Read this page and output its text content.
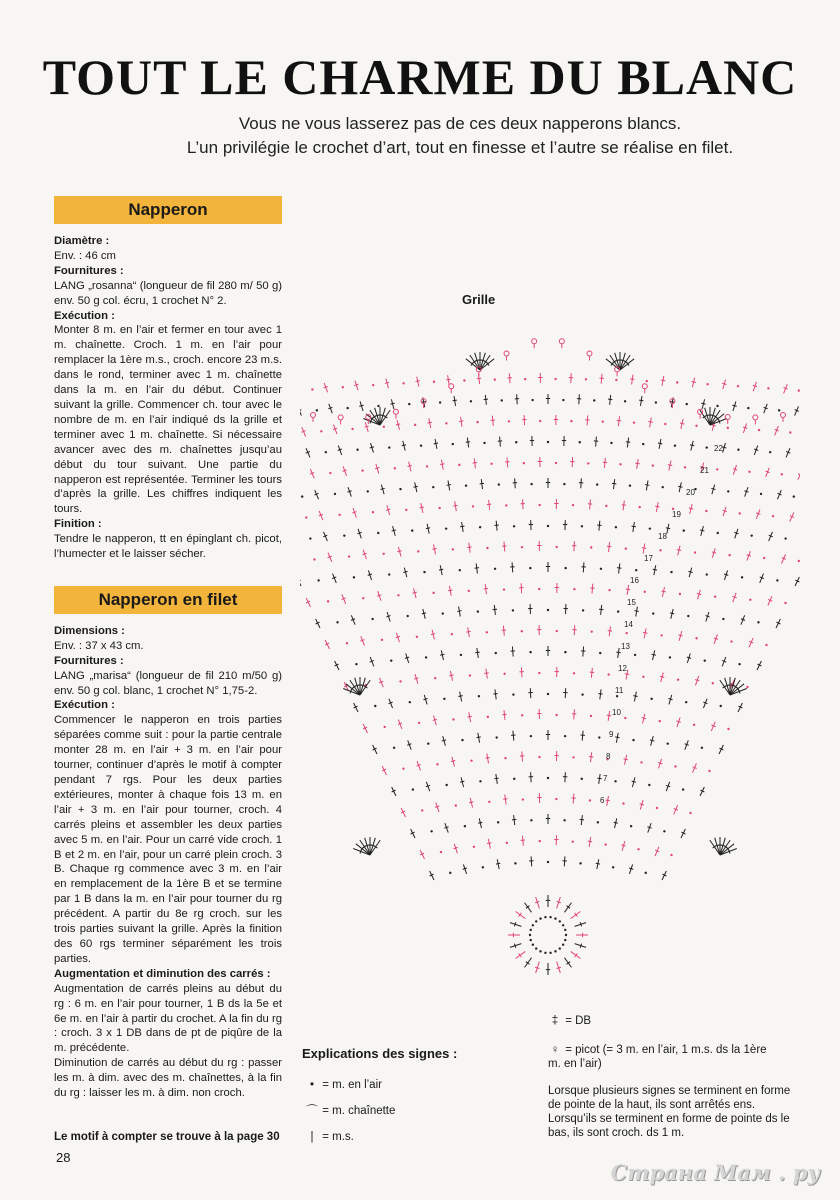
TOUT LE CHARME DU BLANC
Vous ne vous lasserez pas de ces deux napperons blancs.
L’un privilégie le crochet d’art, tout en finesse et l’autre se réalise en filet.
Napperon
Diamètre :
Env. : 46 cm
Fournitures :
LANG „rosanna“ (longueur de fil 280 m/ 50 g) env. 50 g col. écru, 1 crochet N° 2.
Exécution :
Monter 8 m. en l’air et fermer en tour avec 1 m. chaînette. Croch. 1 m. en l’air pour remplacer la 1ère m.s., croch. encore 23 m.s. dans le rond, terminer avec 1 m. chaînette dans la m. en l’air du début. Continuer suivant la grille. Commencer ch. tour avec le nombre de m. en l’air indiqué ds la grille et terminer avec 1 m. chaînette. Si nécessaire avancer avec des m. chaînettes jusqu’au début du tour suivant. Une partie du napperon est représentée. Terminer les tours d’après la grille. Les chiffres indiquent les tours.
Finition :
Tendre le napperon, tt en épinglant ch. picot, l’humecter et le laisser sécher.
Napperon en filet
Dimensions :
Env. : 37 x 43 cm.
Fournitures :
LANG „marisa“ (longueur de fil 210 m/50 g) env. 50 g col. blanc, 1 crochet N° 1,75-2.
Exécution :
Commencer le napperon en trois parties séparées comme suit : pour la partie centrale monter 28 m. en l’air + 3 m. en l’air pour tourner, continuer d’après le motif à compter pendant 7 rgs. Pour les deux parties extérieures, monter à chaque fois 13 m. en l’air + 3 m. en l’air pour tourner, croch. 4 carrés pleins et assembler les deux parties avec 5 m. en l’air. Pour un carré vide croch. 1 B et 2 m. en l’air, pour un carré plein croch. 3 B. Chaque rg commence avec 3 m. en l’air en remplacement de la 1ère B et se termine par 1 B dans la m. en l’air pour tourner du rg précédent. A partir du 8e rg croch. sur les trois parties suivant la grille. Après la finition des 60 rgs terminer séparément les trois parties.
Augmentation et diminution des carrés :
Augmentation de carrés pleins au début du rg : 6 m. en l’air pour tourner, 1 B ds la 5e et 6e m. en l’air à partir du crochet. A la fin du rg : croch. 3 x 1 DB dans de pt de piqûre de la m. précédente.
Diminution de carrés au début du rg : passer les m. à dim. avec des m. chaînettes, à la fin du rg : laisser les m. à dim. non croch.
Le motif à compter se trouve à la page 30
28
Grille
6
7
8
9
10
11
12
13
14
15
16
17
18
19
20
21
22
Explications des signes :
• = m. en l’air
⌒ = m. chaînette
| = m.s.
‡ = DB
♀ = picot (= 3 m. en l’air, 1 m.s. ds la 1ère m. en l’air)
Lorsque plusieurs signes se terminent en forme de pointe de la haut, ils sont arrêtés ens. Lorsqu’ils se terminent en forme de pointe ds le bas, ils sont croch. ds 1 m.
Страна Мам . ру
